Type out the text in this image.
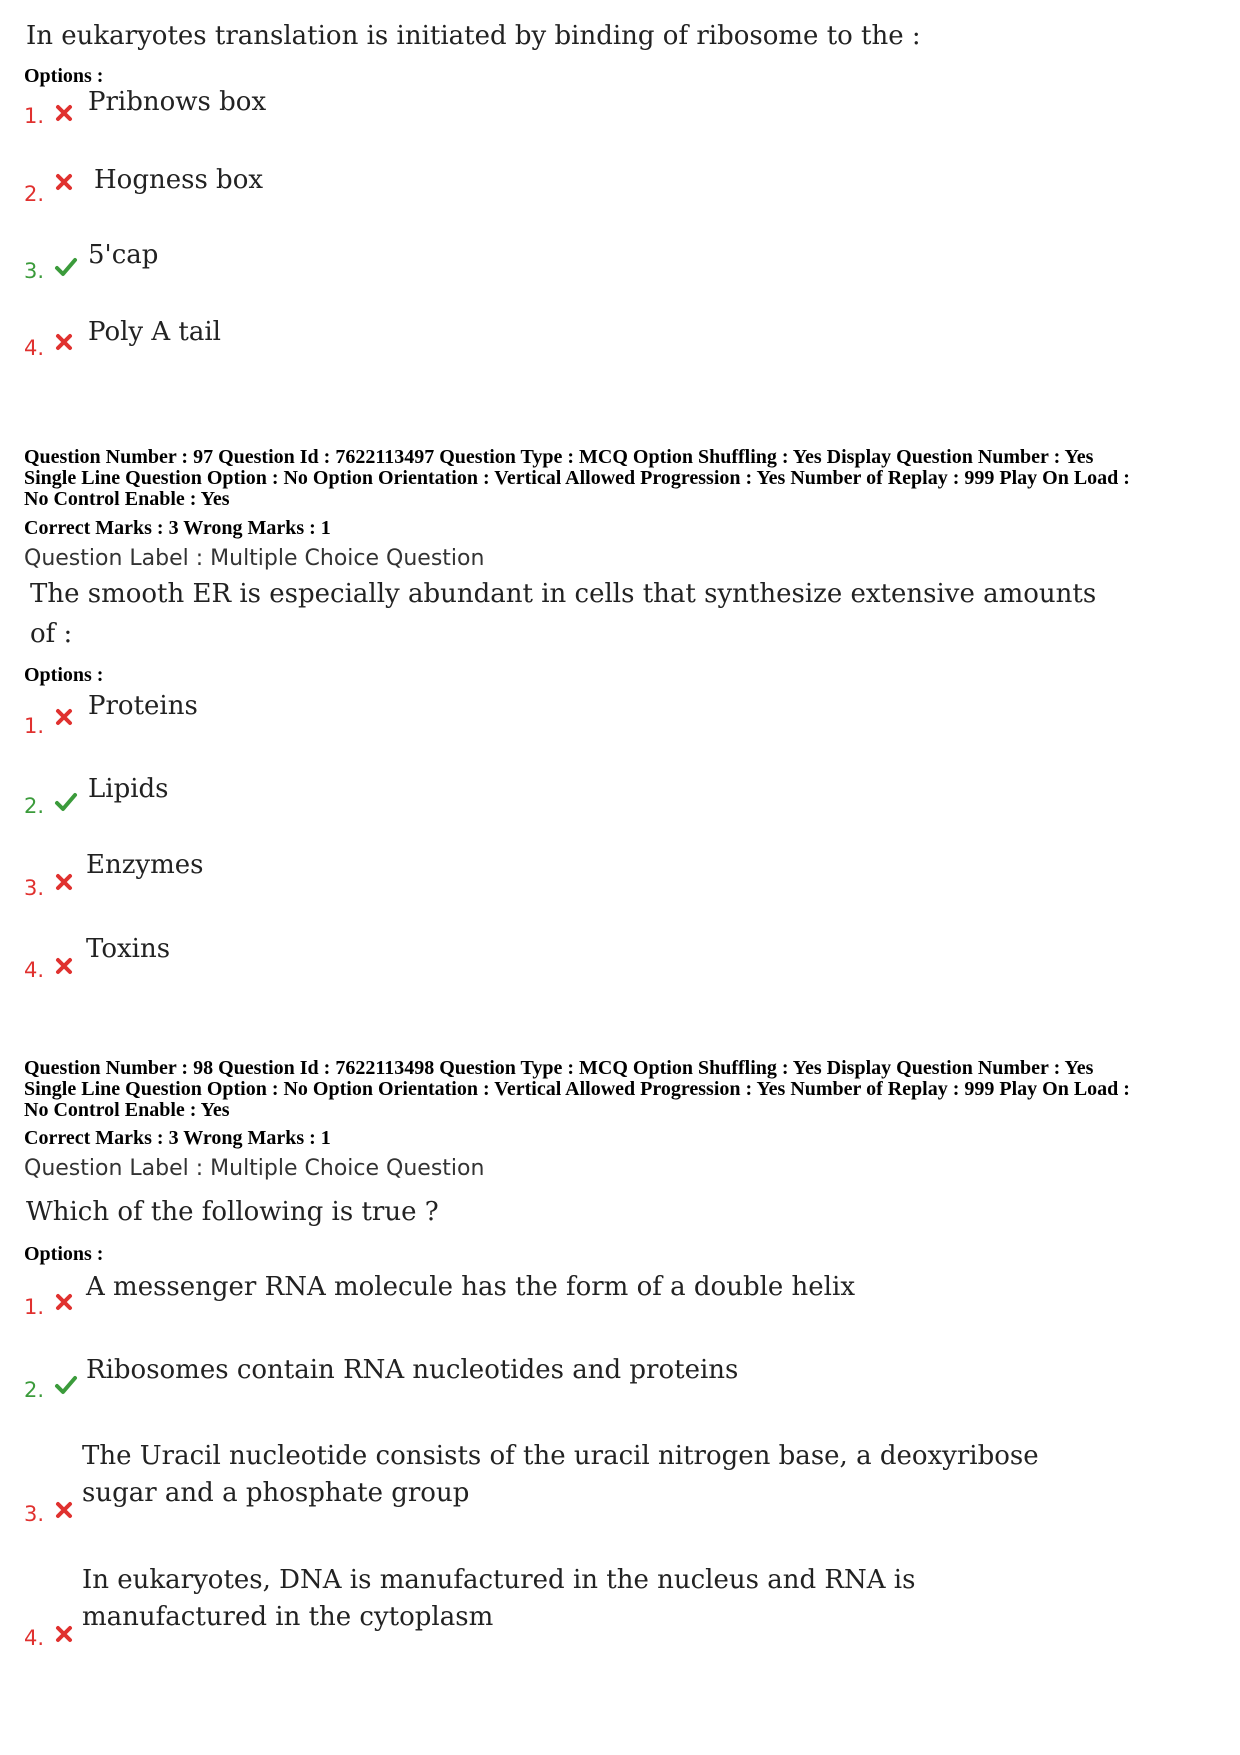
In eukaryotes translation is initiated by binding of ribosome to the :
Options :
1. Pribnows box
2. Hogness box
3.
5'cap
4.
Poly A tail
Question Number : 97 Question Id : 7622113497 Question Type : MCQ Option Shuffling : Yes Display Question Number : Yes
Single Line Question Option : No Option Orientation : Vertical Allowed Progression : Yes Number of Replay : 999 Play On Load :
No Control Enable : Yes
Correct Marks : 3 Wrong Marks : 1
Question Label : Multiple Choice Question
The smooth ER is especially abundant in cells that synthesize extensive amounts
of :
Options :
1.
Proteins
2.
Lipids
3.
Enzymes
4.
Toxins
Question Number : 98 Question Id : 7622113498 Question Type : MCQ Option Shuffling : Yes Display Question Number : Yes
Single Line Question Option : No Option Orientation : Vertical Allowed Progression : Yes Number of Replay : 999 Play On Load :
No Control Enable : Yes
Correct Marks : 3 Wrong Marks : 1
Question Label : Multiple Choice Question
Which of the following is true ?
Options :
1.
A messenger RNA molecule has the form of a double helix
2.
Ribosomes contain RNA nucleotides and proteins
3.
The Uracil nucleotide consists of the uracil nitrogen base, a deoxyribose
sugar and a phosphate group
4.
In eukaryotes, DNA is manufactured in the nucleus and RNA is
manufactured in the cytoplasm
